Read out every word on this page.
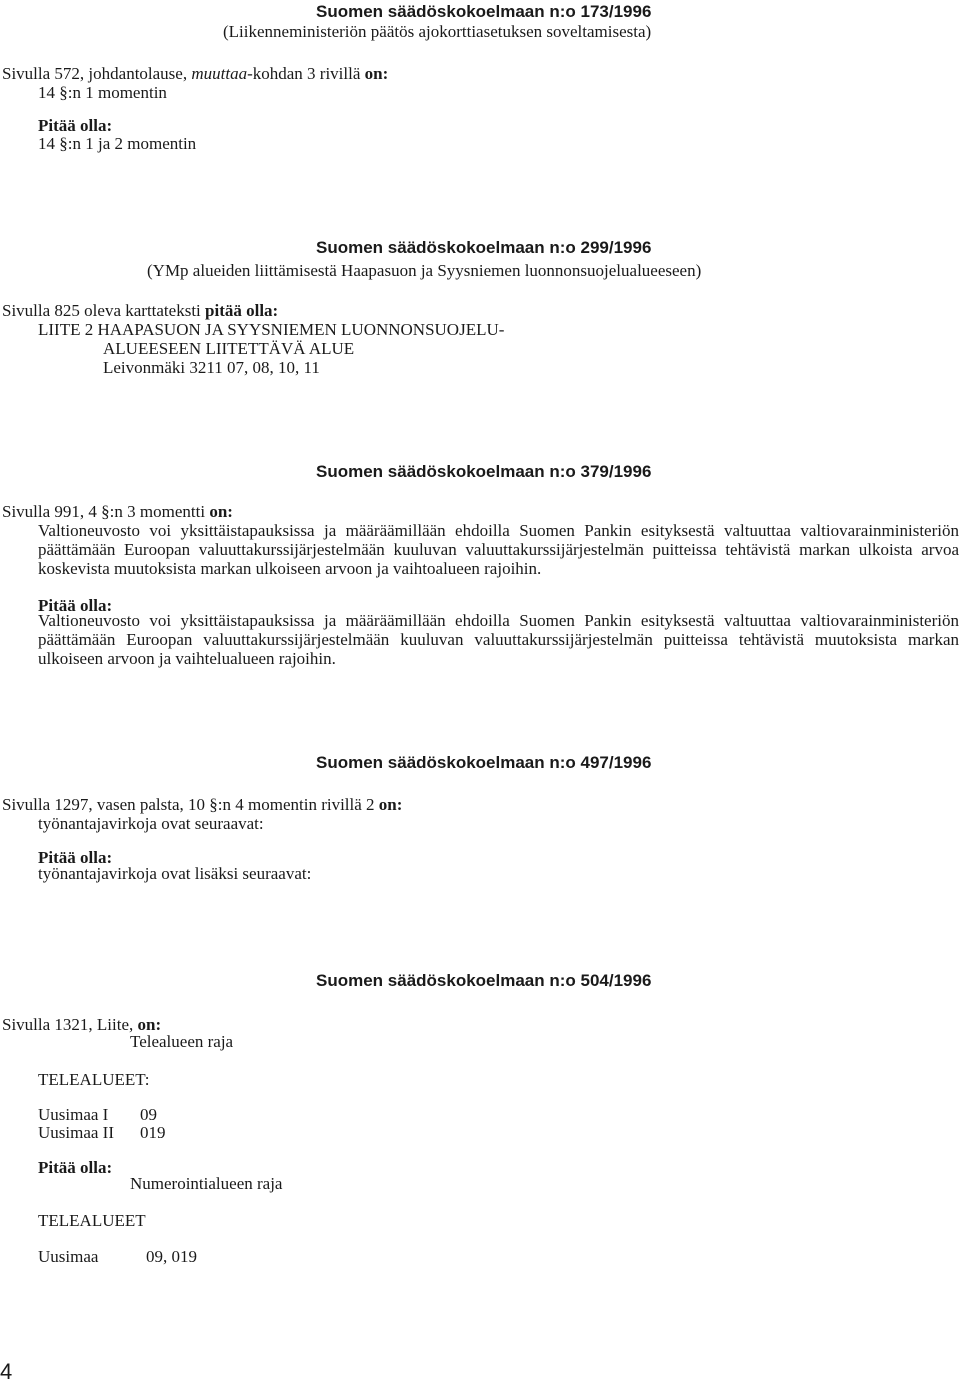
Suomen säädöskokoelmaan n:o 173/1996
(Liikenneministeriön päätös ajokorttiasetuksen soveltamisesta)
Sivulla 572, johdantolause, muuttaa-kohdan 3 rivillä on:
14 §:n 1 momentin
Pitää olla:
14 §:n 1 ja 2 momentin
Suomen säädöskokoelmaan n:o 299/1996
(YMp alueiden liittämisestä Haapasuon ja Syysniemen luonnonsuojelualueeseen)
Sivulla 825 oleva karttateksti pitää olla:
LIITE 2 HAAPASUON JA SYYSNIEMEN LUONNONSUOJELU-
ALUEESEEN LIITETTÄVÄ ALUE
Leivonmäki 3211 07, 08, 10, 11
Suomen säädöskokoelmaan n:o 379/1996
Sivulla 991, 4 §:n 3 momentti on:
Valtioneuvosto voi yksittäistapauksissa ja määräämillään ehdoilla Suomen Pankin esityksestä valtuuttaa valtiovarainministeriön päättämään Euroopan valuuttakurssijärjestelmään kuuluvan valuuttakurssijärjestelmän puitteissa tehtävistä markan ulkoista arvoa koskevista muutoksista markan ulkoiseen arvoon ja vaihtoalueen rajoihin.
Pitää olla:
Valtioneuvosto voi yksittäistapauksissa ja määräämillään ehdoilla Suomen Pankin esityksestä valtuuttaa valtiovarainministeriön päättämään Euroopan valuuttakurssijärjestelmään kuuluvan valuuttakurssijärjestelmän puitteissa tehtävistä muutoksista markan ulkoiseen arvoon ja vaihtelualueen rajoihin.
Suomen säädöskokoelmaan n:o 497/1996
Sivulla 1297, vasen palsta, 10 §:n 4 momentin rivillä 2 on:
työnantajavirkoja ovat seuraavat:
Pitää olla:
työnantajavirkoja ovat lisäksi seuraavat:
Suomen säädöskokoelmaan n:o 504/1996
Sivulla 1321, Liite, on:
Telealueen raja
TELEALUEET:
Uusimaa I 09
Uusimaa II 019
Pitää olla:
Numerointialueen raja
TELEALUEET
Uusimaa	09, 019
4
